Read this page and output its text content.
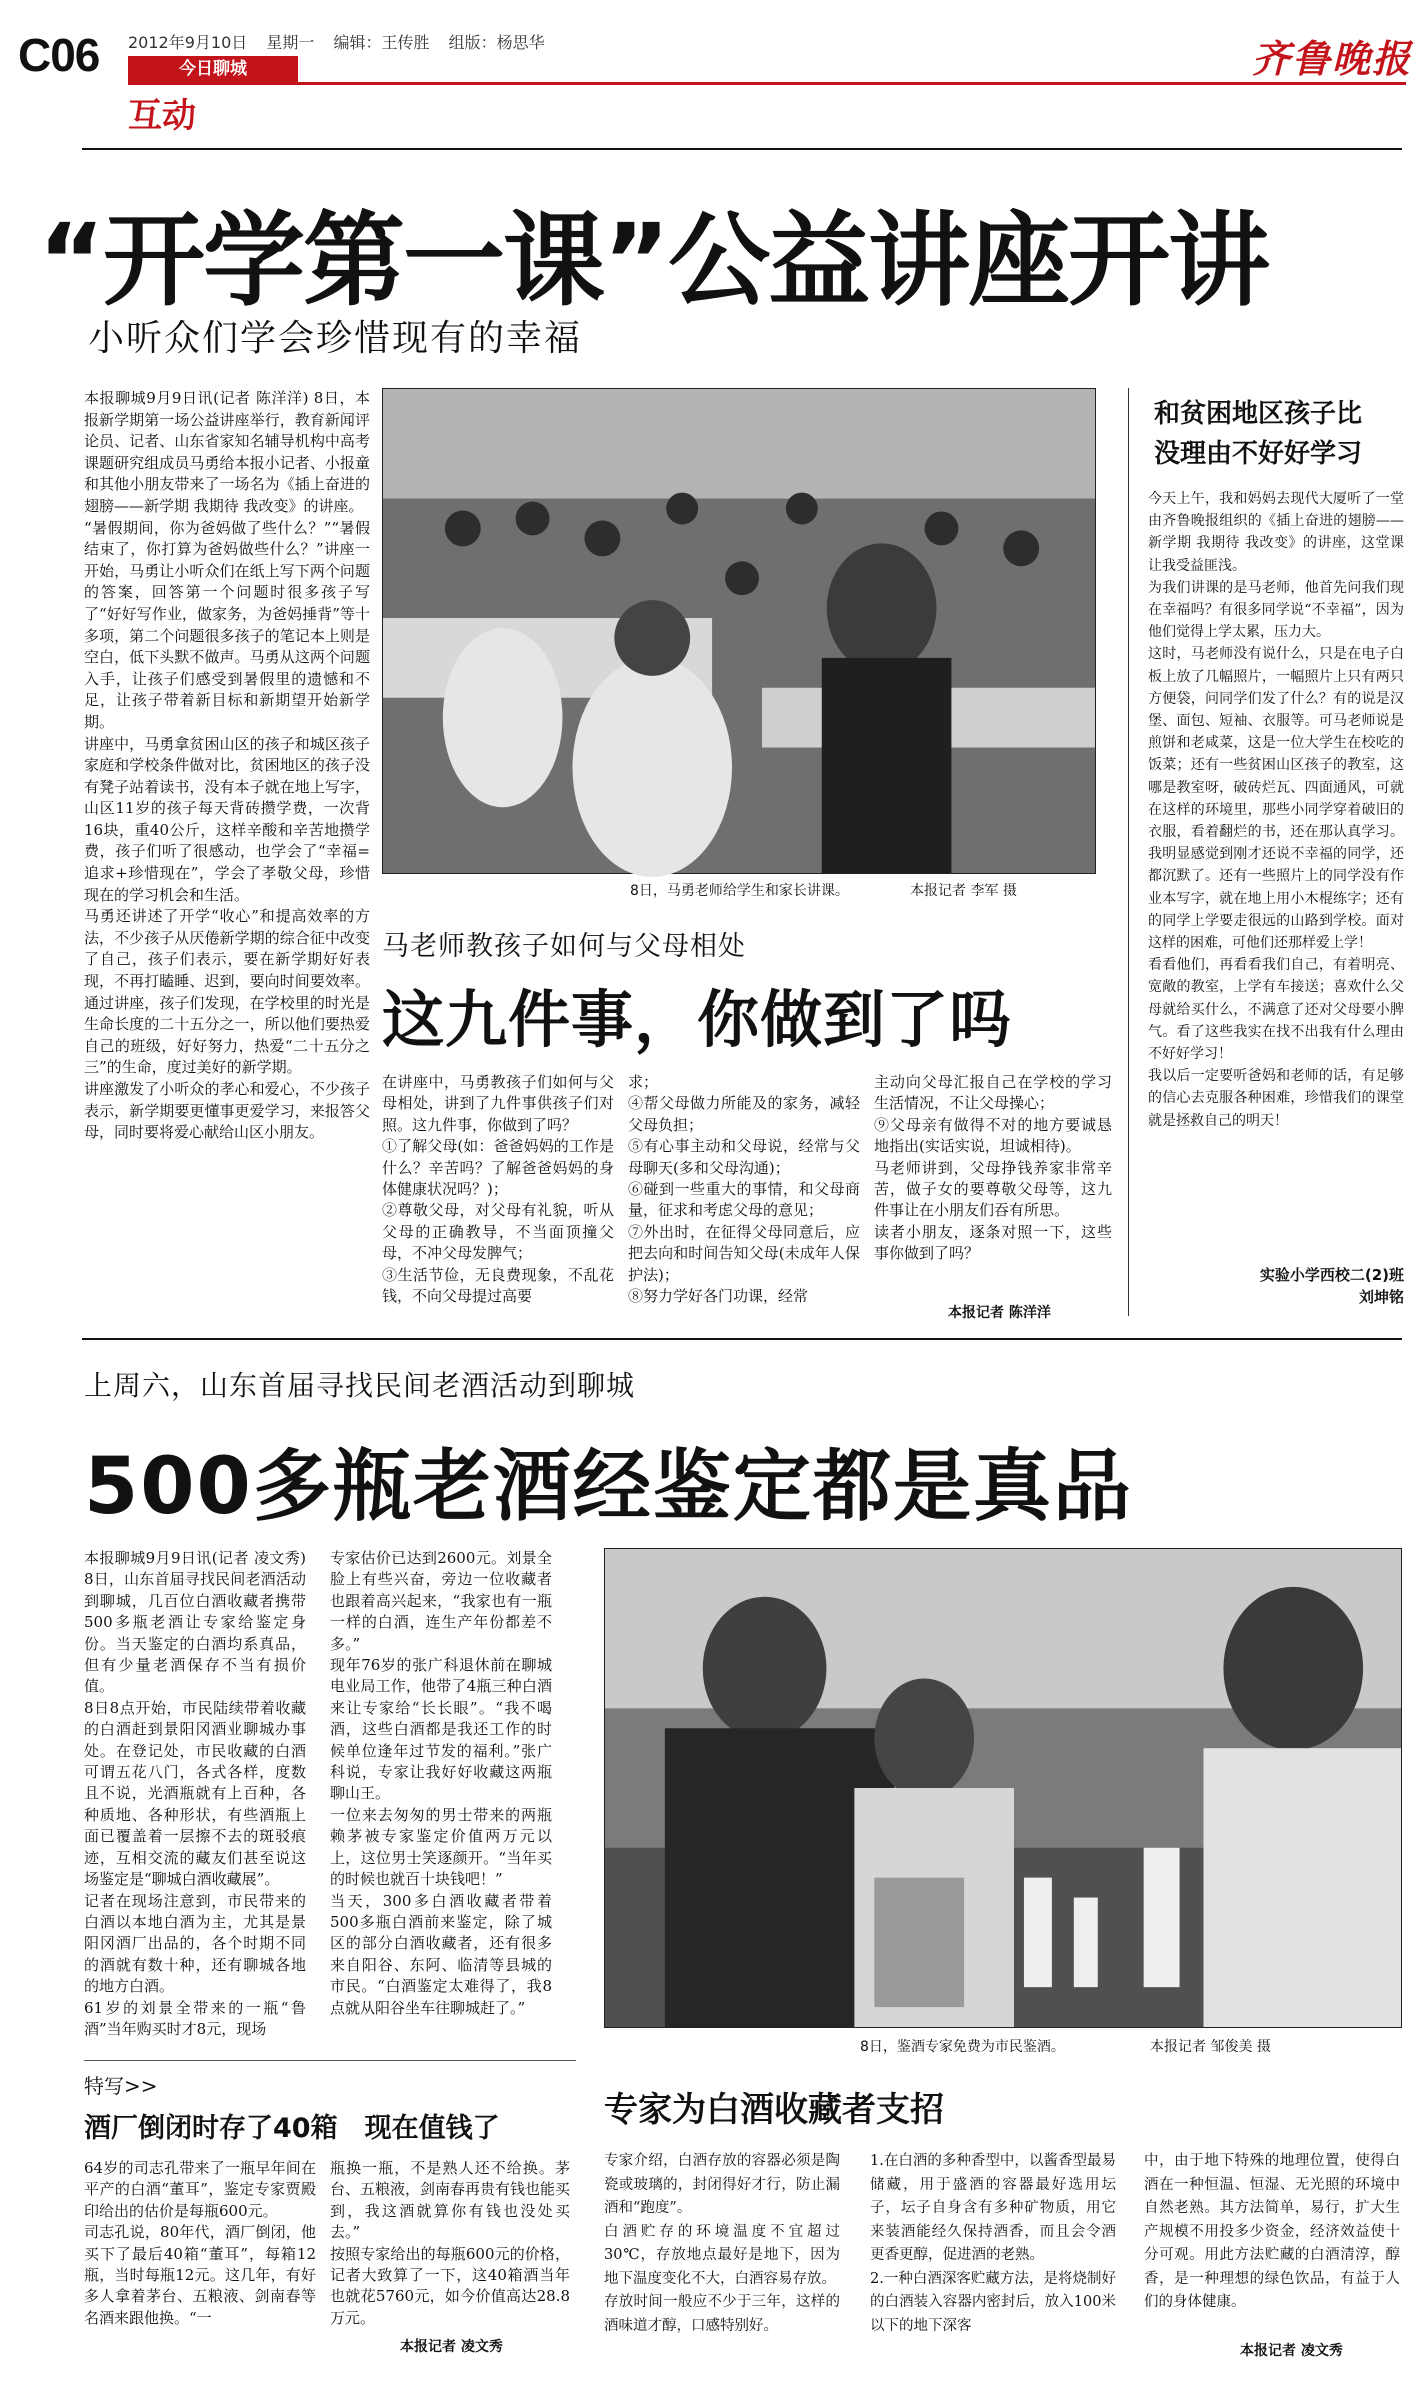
C06 2012年9月10日 星期一 编辑：王传胜 组版：杨思华
今日聊城
互动
齐鲁晚报
“开学第一课”公益讲座开讲
小听众们学会珍惜现有的幸福
本报聊城9月9日讯(记者 陈洋洋) 8日，本报新学期第一场公益讲座举行，教育新闻评论员、记者、山东省家知名辅导机构中高考课题研究组成员马勇给本报小记者、小报童和其他小朋友带来了一场名为《插上奋进的翅膀——新学期 我期待 我改变》的讲座。
“暑假期间，你为爸妈做了些什么？”“暑假结束了，你打算为爸妈做些什么？”讲座一开始，马勇让小听众们在纸上写下两个问题的答案，回答第一个问题时很多孩子写了“好好写作业，做家务，为爸妈捶背”等十多项，第二个问题很多孩子的笔记本上则是空白，低下头默不做声。马勇从这两个问题入手，让孩子们感受到暑假里的遗憾和不足，让孩子带着新目标和新期望开始新学期。
讲座中，马勇拿贫困山区的孩子和城区孩子家庭和学校条件做对比，贫困地区的孩子没有凳子站着读书，没有本子就在地上写字，山区11岁的孩子每天背砖攒学费，一次背16块，重40公斤，这样辛酸和辛苦地攒学费，孩子们听了很感动，也学会了“幸福=追求+珍惜现在”，学会了孝敬父母，珍惜现在的学习机会和生活。
马勇还讲述了开学“收心”和提高效率的方法，不少孩子从厌倦新学期的综合征中改变了自己，孩子们表示，要在新学期好好表现，不再打瞌睡、迟到，要向时间要效率。通过讲座，孩子们发现，在学校里的时光是生命长度的二十五分之一，所以他们要热爱自己的班级，好好努力，热爱“二十五分之三”的生命，度过美好的新学期。
讲座激发了小听众的孝心和爱心，不少孩子表示，新学期要更懂事更爱学习，来报答父母，同时要将爱心献给山区小朋友。
8日，马勇老师给学生和家长讲课。	本报记者 李军 摄
和贫困地区孩子比
没理由不好好学习
今天上午，我和妈妈去现代大厦听了一堂由齐鲁晚报组织的《插上奋进的翅膀——新学期 我期待 我改变》的讲座，这堂课让我受益匪浅。
为我们讲课的是马老师，他首先问我们现在幸福吗？有很多同学说“不幸福”，因为他们觉得上学太累，压力大。
这时，马老师没有说什么，只是在电子白板上放了几幅照片，一幅照片上只有两只方便袋，问同学们发了什么？有的说是汉堡、面包、短袖、衣服等。可马老师说是煎饼和老咸菜，这是一位大学生在校吃的饭菜；还有一些贫困山区孩子的教室，这哪是教室呀，破砖烂瓦、四面通风，可就在这样的环境里，那些小同学穿着破旧的衣服，看着翻烂的书，还在那认真学习。我明显感觉到刚才还说不幸福的同学，还都沉默了。还有一些照片上的同学没有作业本写字，就在地上用小木棍练字；还有的同学上学要走很远的山路到学校。面对这样的困难，可他们还那样爱上学！
看看他们，再看看我们自己，有着明亮、宽敞的教室，上学有车接送；喜欢什么父母就给买什么，不满意了还对父母要小脾气。看了这些我实在找不出我有什么理由不好好学习！
我以后一定要听爸妈和老师的话，有足够的信心去克服各种困难，珍惜我们的课堂就是拯救自己的明天！
实验小学西校二(2)班
刘坤铭
马老师教孩子如何与父母相处
这九件事，你做到了吗
在讲座中，马勇教孩子们如何与父母相处，讲到了九件事供孩子们对照。这九件事，你做到了吗？
①了解父母(如：爸爸妈妈的工作是什么？辛苦吗？了解爸爸妈妈的身体健康状况吗？)；
②尊敬父母，对父母有礼貌，听从父母的正确教导，不当面顶撞父母，不冲父母发脾气；
③生活节俭，无良费现象，不乱花钱，不向父母提过高要
求；
④帮父母做力所能及的家务，减轻父母负担；
⑤有心事主动和父母说，经常与父母聊天(多和父母沟通)；
⑥碰到一些重大的事情，和父母商量，征求和考虑父母的意见；
⑦外出时，在征得父母同意后，应把去向和时间告知父母(未成年人保护法)；
⑧努力学好各门功课，经常
主动向父母汇报自己在学校的学习生活情况，不让父母操心；
⑨父母亲有做得不对的地方要诚恳地指出(实话实说，坦诚相待)。
马老师讲到，父母挣钱养家非常辛苦，做子女的要尊敬父母等，这九件事让在小朋友们吞有所思。
读者小朋友，逐条对照一下，这些事你做到了吗？
本报记者 陈洋洋
上周六，山东首届寻找民间老酒活动到聊城
500多瓶老酒经鉴定都是真品
本报聊城9月9日讯(记者 凌文秀) 8日，山东首届寻找民间老酒活动到聊城，几百位白酒收藏者携带500多瓶老酒让专家给鉴定身份。当天鉴定的白酒均系真品，但有少量老酒保存不当有损价值。
8日8点开始，市民陆续带着收藏的白酒赶到景阳冈酒业聊城办事处。在登记处，市民收藏的白酒可谓五花八门，各式各样，度数且不说，光酒瓶就有上百种，各种质地、各种形状，有些酒瓶上面已覆盖着一层擦不去的斑驳痕迹，互相交流的藏友们甚至说这场鉴定是“聊城白酒收藏展”。
记者在现场注意到，市民带来的白酒以本地白酒为主，尤其是景阳冈酒厂出品的，各个时期不同的酒就有数十种，还有聊城各地的地方白酒。
61岁的刘景全带来的一瓶“鲁酒”当年购买时才8元，现场
专家估价已达到2600元。刘景全脸上有些兴奋，旁边一位收藏者也跟着高兴起来，“我家也有一瓶一样的白酒，连生产年份都差不多。”
现年76岁的张广科退休前在聊城电业局工作，他带了4瓶三种白酒来让专家给“长长眼”。“我不喝酒，这些白酒都是我还工作的时候单位逢年过节发的福利。”张广科说，专家让我好好收藏这两瓶聊山王。
一位来去匆匆的男士带来的两瓶赖茅被专家鉴定价值两万元以上，这位男士笑逐颜开。“当年买的时候也就百十块钱吧！”
当天，300多白酒收藏者带着500多瓶白酒前来鉴定，除了城区的部分白酒收藏者，还有很多来自阳谷、东阿、临清等县城的市民。“白酒鉴定太难得了，我8点就从阳谷坐车往聊城赶了。”
8日，鉴酒专家免费为市民鉴酒。	本报记者 邹俊美 摄
特写>>
酒厂倒闭时存了40箱　现在值钱了
64岁的司志孔带来了一瓶早年间在平产的白酒“董耳”，鉴定专家贾殿印给出的估价是每瓶600元。
司志孔说，80年代，酒厂倒闭，他买下了最后40箱“董耳”，每箱12瓶，当时每瓶12元。这几年，有好多人拿着茅台、五粮液、剑南春等名酒来跟他换。“一
瓶换一瓶，不是熟人还不给换。茅台、五粮液，剑南春再贵有钱也能买到，我这酒就算你有钱也没处买去。”
按照专家给出的每瓶600元的价格，记者大致算了一下，这40箱酒当年也就花5760元，如今价值高达28.8万元。
本报记者 凌文秀
专家为白酒收藏者支招
专家介绍，白酒存放的容器必须是陶瓷或玻璃的，封闭得好才行，防止漏酒和“跑度”。
白酒贮存的环境温度不宜超过30℃，存放地点最好是地下，因为地下温度变化不大，白酒容易存放。
存放时间一般应不少于三年，这样的酒味道才醇，口感特别好。
1.在白酒的多种香型中，以酱香型最易储藏，用于盛酒的容器最好选用坛子，坛子自身含有多种矿物质，用它来装酒能经久保持酒香，而且会令酒更香更醇，促进酒的老熟。
2.一种白酒深客贮藏方法，是将烧制好的白酒装入容器内密封后，放入100米以下的地下深客
中，由于地下特殊的地理位置，使得白酒在一种恒温、恒湿、无光照的环境中自然老熟。其方法简单，易行，扩大生产规模不用投多少资金，经济效益使十分可观。用此方法贮藏的白酒清淳，醇香，是一种理想的绿色饮品，有益于人们的身体健康。
本报记者 凌文秀
